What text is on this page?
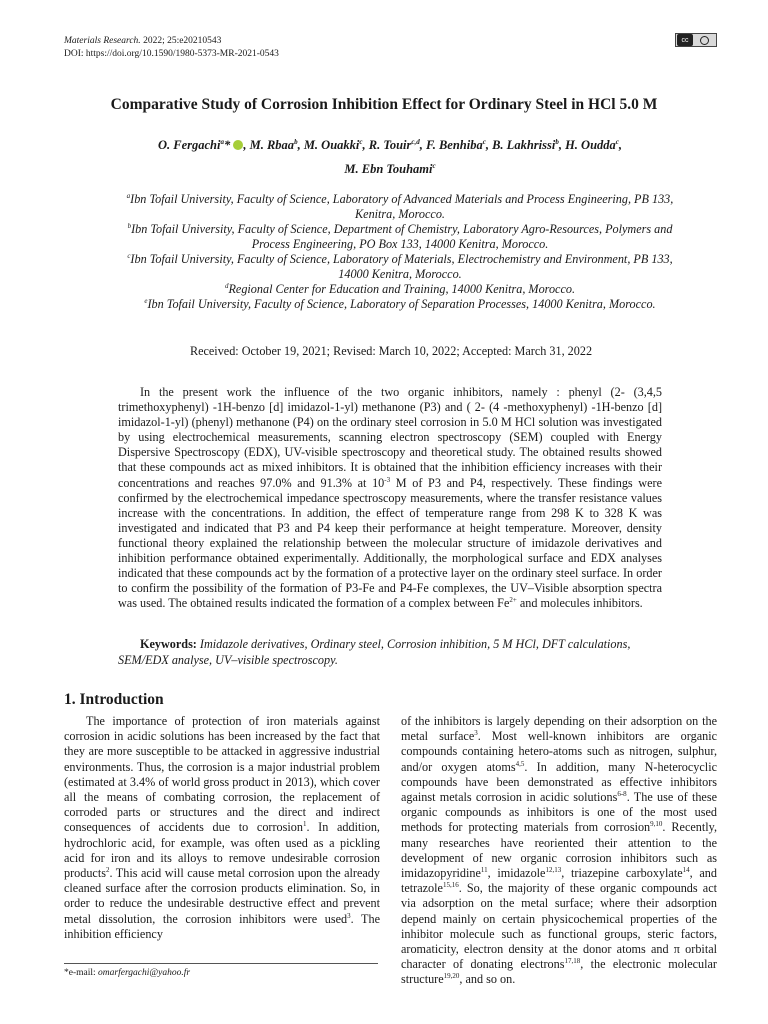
Materials Research. 2022; 25:e20210543
DOI: https://doi.org/10.1590/1980-5373-MR-2021-0543
cc
Comparative Study of Corrosion Inhibition Effect for Ordinary Steel in HCl 5.0 M
O. Fergachi$^a$* , M. Rbaa$^b$, M. Ouakki$^c$, R. Touir$^{c,d}$, F. Benhiba$^c$, B. Lakhrissi$^b$, H. Oudda$^c$,
M. Ebn Touhami$^c$
$^a$Ibn Tofail University, Faculty of Science, Laboratory of Advanced Materials and Process Engineering, PB 133, Kenitra, Morocco.
$^b$Ibn Tofail University, Faculty of Science, Department of Chemistry, Laboratory Agro-Resources, Polymers and Process Engineering, PO Box 133, 14000 Kenitra, Morocco.
$^c$Ibn Tofail University, Faculty of Science, Laboratory of Materials, Electrochemistry and Environment, PB 133, 14000 Kenitra, Morocco.
$^d$Regional Center for Education and Training, 14000 Kenitra, Morocco.
$^e$Ibn Tofail University, Faculty of Science, Laboratory of Separation Processes, 14000 Kenitra, Morocco.
Received: October 19, 2021; Revised: March 10, 2022; Accepted: March 31, 2022

In the present work the influence of the two organic inhibitors, namely : phenyl (2- (3,4,5 trimethoxyphenyl) -1H-benzo [d] imidazol-1-yl) methanone (P3) and ( 2- (4 -methoxyphenyl) -1H-benzo [d] imidazol-1-yl) (phenyl) methanone (P4) on the ordinary steel corrosion in 5.0 M HCl solution was investigated by using electrochemical measurements, scanning electron spectroscopy (SEM) coupled with Energy Dispersive Spectroscopy (EDX), UV-visible spectroscopy and theoretical study. The obtained results showed that these compounds act as mixed inhibitors. It is obtained that the inhibition efficiency increases with their concentrations and reaches 97.0% and 91.3% at $10^{-3}$ M of P3 and P4, respectively. These findings were confirmed by the electrochemical impedance spectroscopy measurements, where the transfer resistance values increase with the concentrations. In addition, the effect of temperature range from 298 K to 328 K was investigated and indicated that P3 and P4 keep their performance at height temperature. Moreover, density functional theory explained the relationship between the molecular structure of imidazole derivatives and inhibition performance obtained experimentally. Additionally, the morphological surface and EDX analyses indicated that these compounds act by the formation of a protective layer on the ordinary steel surface. In order to confirm the possibility of the formation of P3-Fe and P4-Fe complexes, the UV–Visible absorption spectra was used. The obtained results indicated the formation of a complex between $Fe^{2+}$ and molecules inhibitors.

Keywords: Imidazole derivatives, Ordinary steel, Corrosion inhibition, 5 M HCl, DFT calculations, SEM/EDX analyse, UV–visible spectroscopy.
1. Introduction

The importance of protection of iron materials against corrosion in acidic solutions has been increased by the fact that they are more susceptible to be attacked in aggressive industrial environments. Thus, the corrosion is a major industrial problem (estimated at 3.4% of world gross product in 2013), which cover all the means of combating corrosion, the replacement of corroded parts or structures and the direct and indirect consequences of accidents due to corrosion$^1$. In addition, hydrochloric acid, for example, was often used as a pickling acid for iron and its alloys to remove undesirable corrosion products$^2$. This acid will cause metal corrosion upon the already cleaned surface after the corrosion products elimination. So, in order to reduce the undesirable destructive effect and prevent metal dissolution, the corrosion inhibitors were used$^3$. The inhibition efficiency

of the inhibitors is largely depending on their adsorption on the metal surface$^3$. Most well-known inhibitors are organic compounds containing hetero-atoms such as nitrogen, sulphur, and/or oxygen atoms$^{4,5}$. In addition, many N-heterocyclic compounds have been demonstrated as effective inhibitors against metals corrosion in acidic solutions$^{6-8}$. The use of these organic compounds as inhibitors is one of the most used methods for protecting materials from corrosion$^{9,10}$. Recently, many researches have reoriented their attention to the development of new organic corrosion inhibitors such as imidazopyridine$^{11}$, imidazole$^{12,13}$, triazepine carboxylate$^{14}$, and tetrazole$^{15,16}$. So, the majority of these organic compounds act via adsorption on the metal surface; where their adsorption depend mainly on certain physicochemical properties of the inhibitor molecule such as functional groups, steric factors, aromaticity, electron density at the donor atoms and π orbital character of donating electrons$^{17,18}$, the electronic molecular structure$^{19,20}$, and so on.

*e-mail: omarfergachi@yahoo.fr
